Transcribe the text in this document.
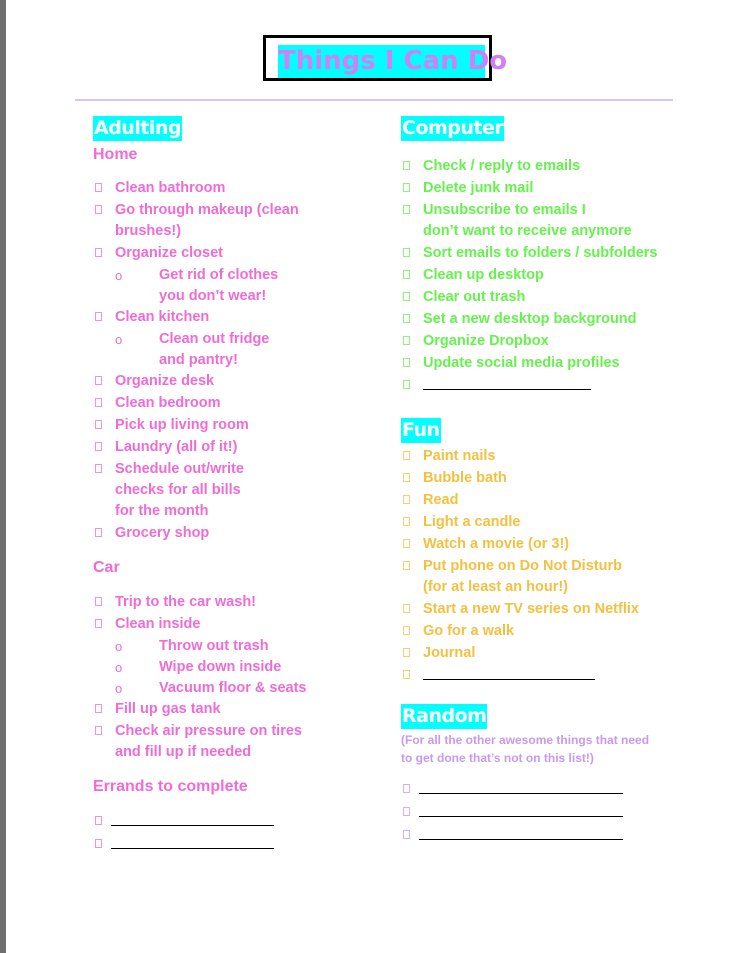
Things I Can Do
Adulting
Home
Clean bathroom
Go through makeup (clean
brushes!)
Organize closet
o	Get rid of clothes
you don’t wear!
Clean kitchen
o	Clean out fridge
and pantry!
Organize desk
Clean bedroom
Pick up living room
Laundry (all of it!)
Schedule out/write
checks for all bills
for the month
Grocery shop
Car
Trip to the car wash!
Clean inside
o	Throw out trash
o	Wipe down inside
o	Vacuum floor & seats
Fill up gas tank
Check air pressure on tires
and fill up if needed
Errands to complete
Computer
Check / reply to emails
Delete junk mail
Unsubscribe to emails I
don’t want to receive anymore
Sort emails to folders / subfolders
Clean up desktop
Clear out trash
Set a new desktop background
Organize Dropbox
Update social media profiles
Fun
Paint nails
Bubble bath
Read
Light a candle
Watch a movie (or 3!)
Put phone on Do Not Disturb
(for at least an hour!)
Start a new TV series on Netflix
Go for a walk
Journal
Random
(For all the other awesome things that need
to get done that’s not on this list!)
